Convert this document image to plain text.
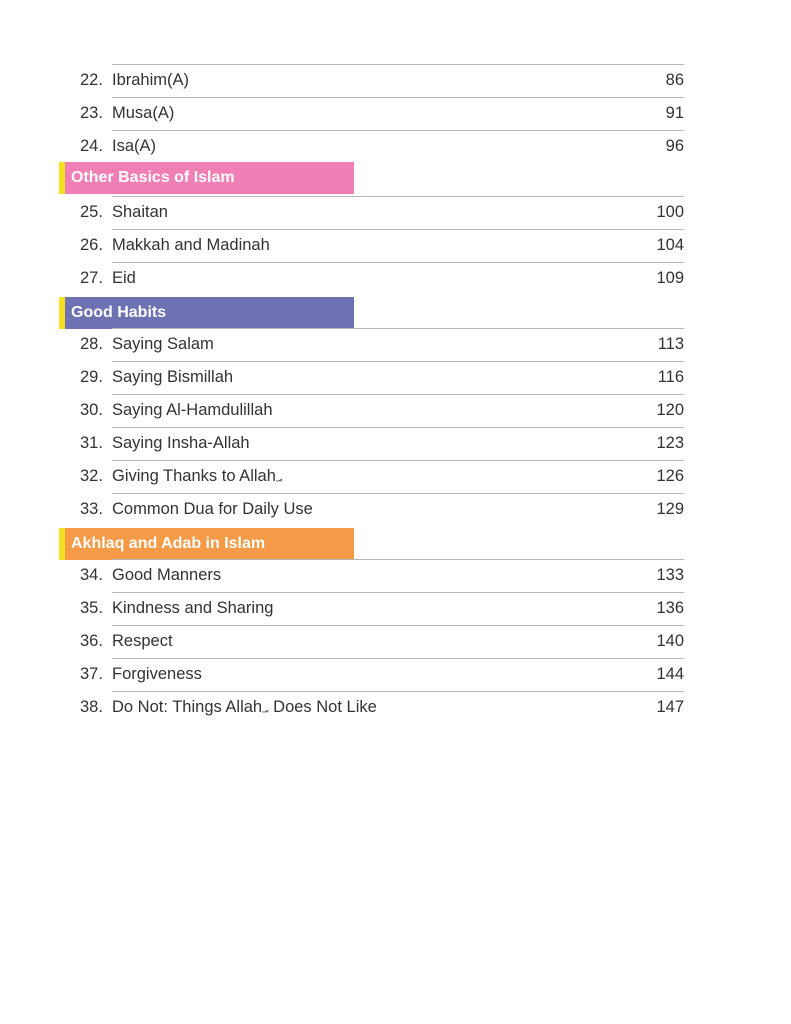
22. Ibrahim(A)	86
23. Musa(A)	91
24. Isa(A)	96
Other Basics of Islam
25. Shaitan	100
26. Makkah and Madinah	104
27. Eid	109
Good Habits
28. Saying Salam	113
29. Saying Bismillah	116
30. Saying Al-Hamdulillah	120
31. Saying Insha-Allah	123
32. Giving Thanks to Allah؃	126
33. Common Dua for Daily Use	129
Akhlaq and Adab in Islam
34. Good Manners	133
35. Kindness and Sharing	136
36. Respect	140
37. Forgiveness	144
38. Do Not: Things Allah؃ Does Not Like	147
